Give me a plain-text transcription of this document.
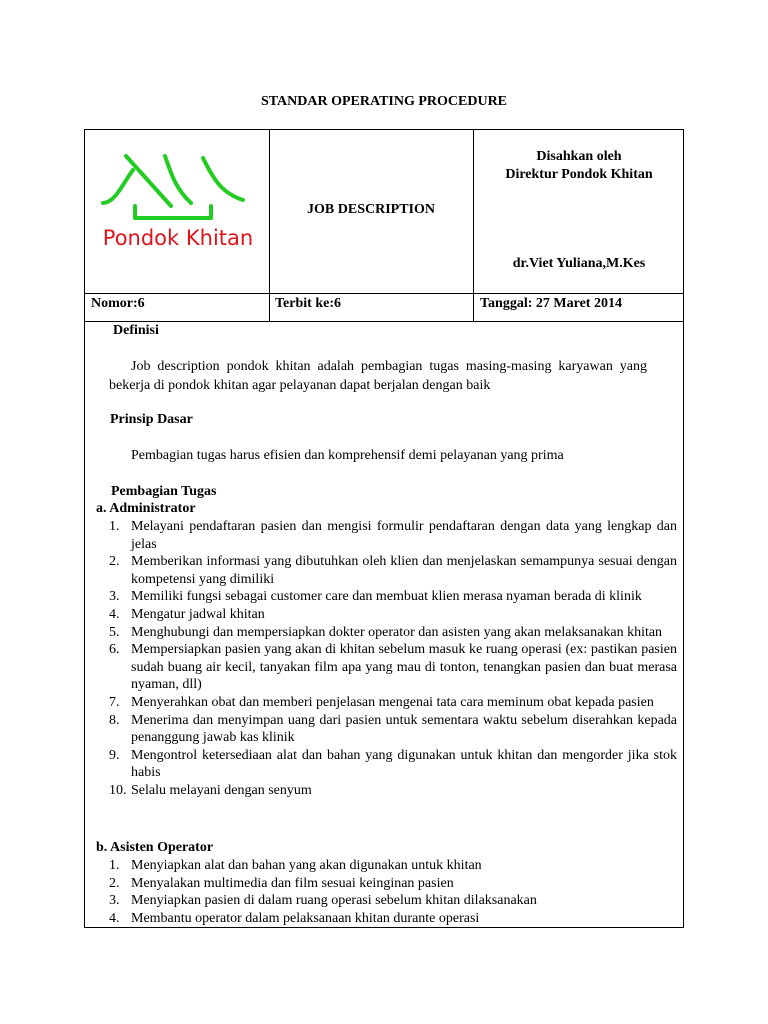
STANDAR OPERATING PROCEDURE
Pondok Khitan
JOB DESCRIPTION
Disahkan oleh
Direktur Pondok Khitan
dr.Viet Yuliana,M.Kes
Nomor:6	Terbit ke:6	Tanggal: 27 Maret 2014
Definisi
Job description pondok khitan adalah pembagian tugas masing-masing karyawan yang bekerja di pondok khitan agar pelayanan dapat berjalan dengan baik
Prinsip Dasar
Pembagian tugas harus efisien dan komprehensif demi pelayanan yang prima
Pembagian Tugas
a. Administrator
1. Melayani pendaftaran pasien dan mengisi formulir pendaftaran dengan data yang lengkap dan jelas
2. Memberikan informasi yang dibutuhkan oleh klien dan menjelaskan semampunya sesuai dengan kompetensi yang dimiliki
3. Memiliki fungsi sebagai customer care dan membuat klien merasa nyaman berada di klinik
4. Mengatur jadwal khitan
5. Menghubungi dan mempersiapkan dokter operator dan asisten yang akan melaksanakan khitan
6. Mempersiapkan pasien yang akan di khitan sebelum masuk ke ruang operasi (ex: pastikan pasien sudah buang air kecil, tanyakan film apa yang mau di tonton, tenangkan pasien dan buat merasa nyaman, dll)
7. Menyerahkan obat dan memberi penjelasan mengenai tata cara meminum obat kepada pasien
8. Menerima dan menyimpan uang dari pasien untuk sementara waktu sebelum diserahkan kepada penanggung jawab kas klinik
9. Mengontrol ketersediaan alat dan bahan yang digunakan untuk khitan dan mengorder jika stok habis
10. Selalu melayani dengan senyum
b. Asisten Operator
1. Menyiapkan alat dan bahan yang akan digunakan untuk khitan
2. Menyalakan multimedia dan film sesuai keinginan pasien
3. Menyiapkan pasien di dalam ruang operasi sebelum khitan dilaksanakan
4. Membantu operator dalam pelaksanaan khitan durante operasi
